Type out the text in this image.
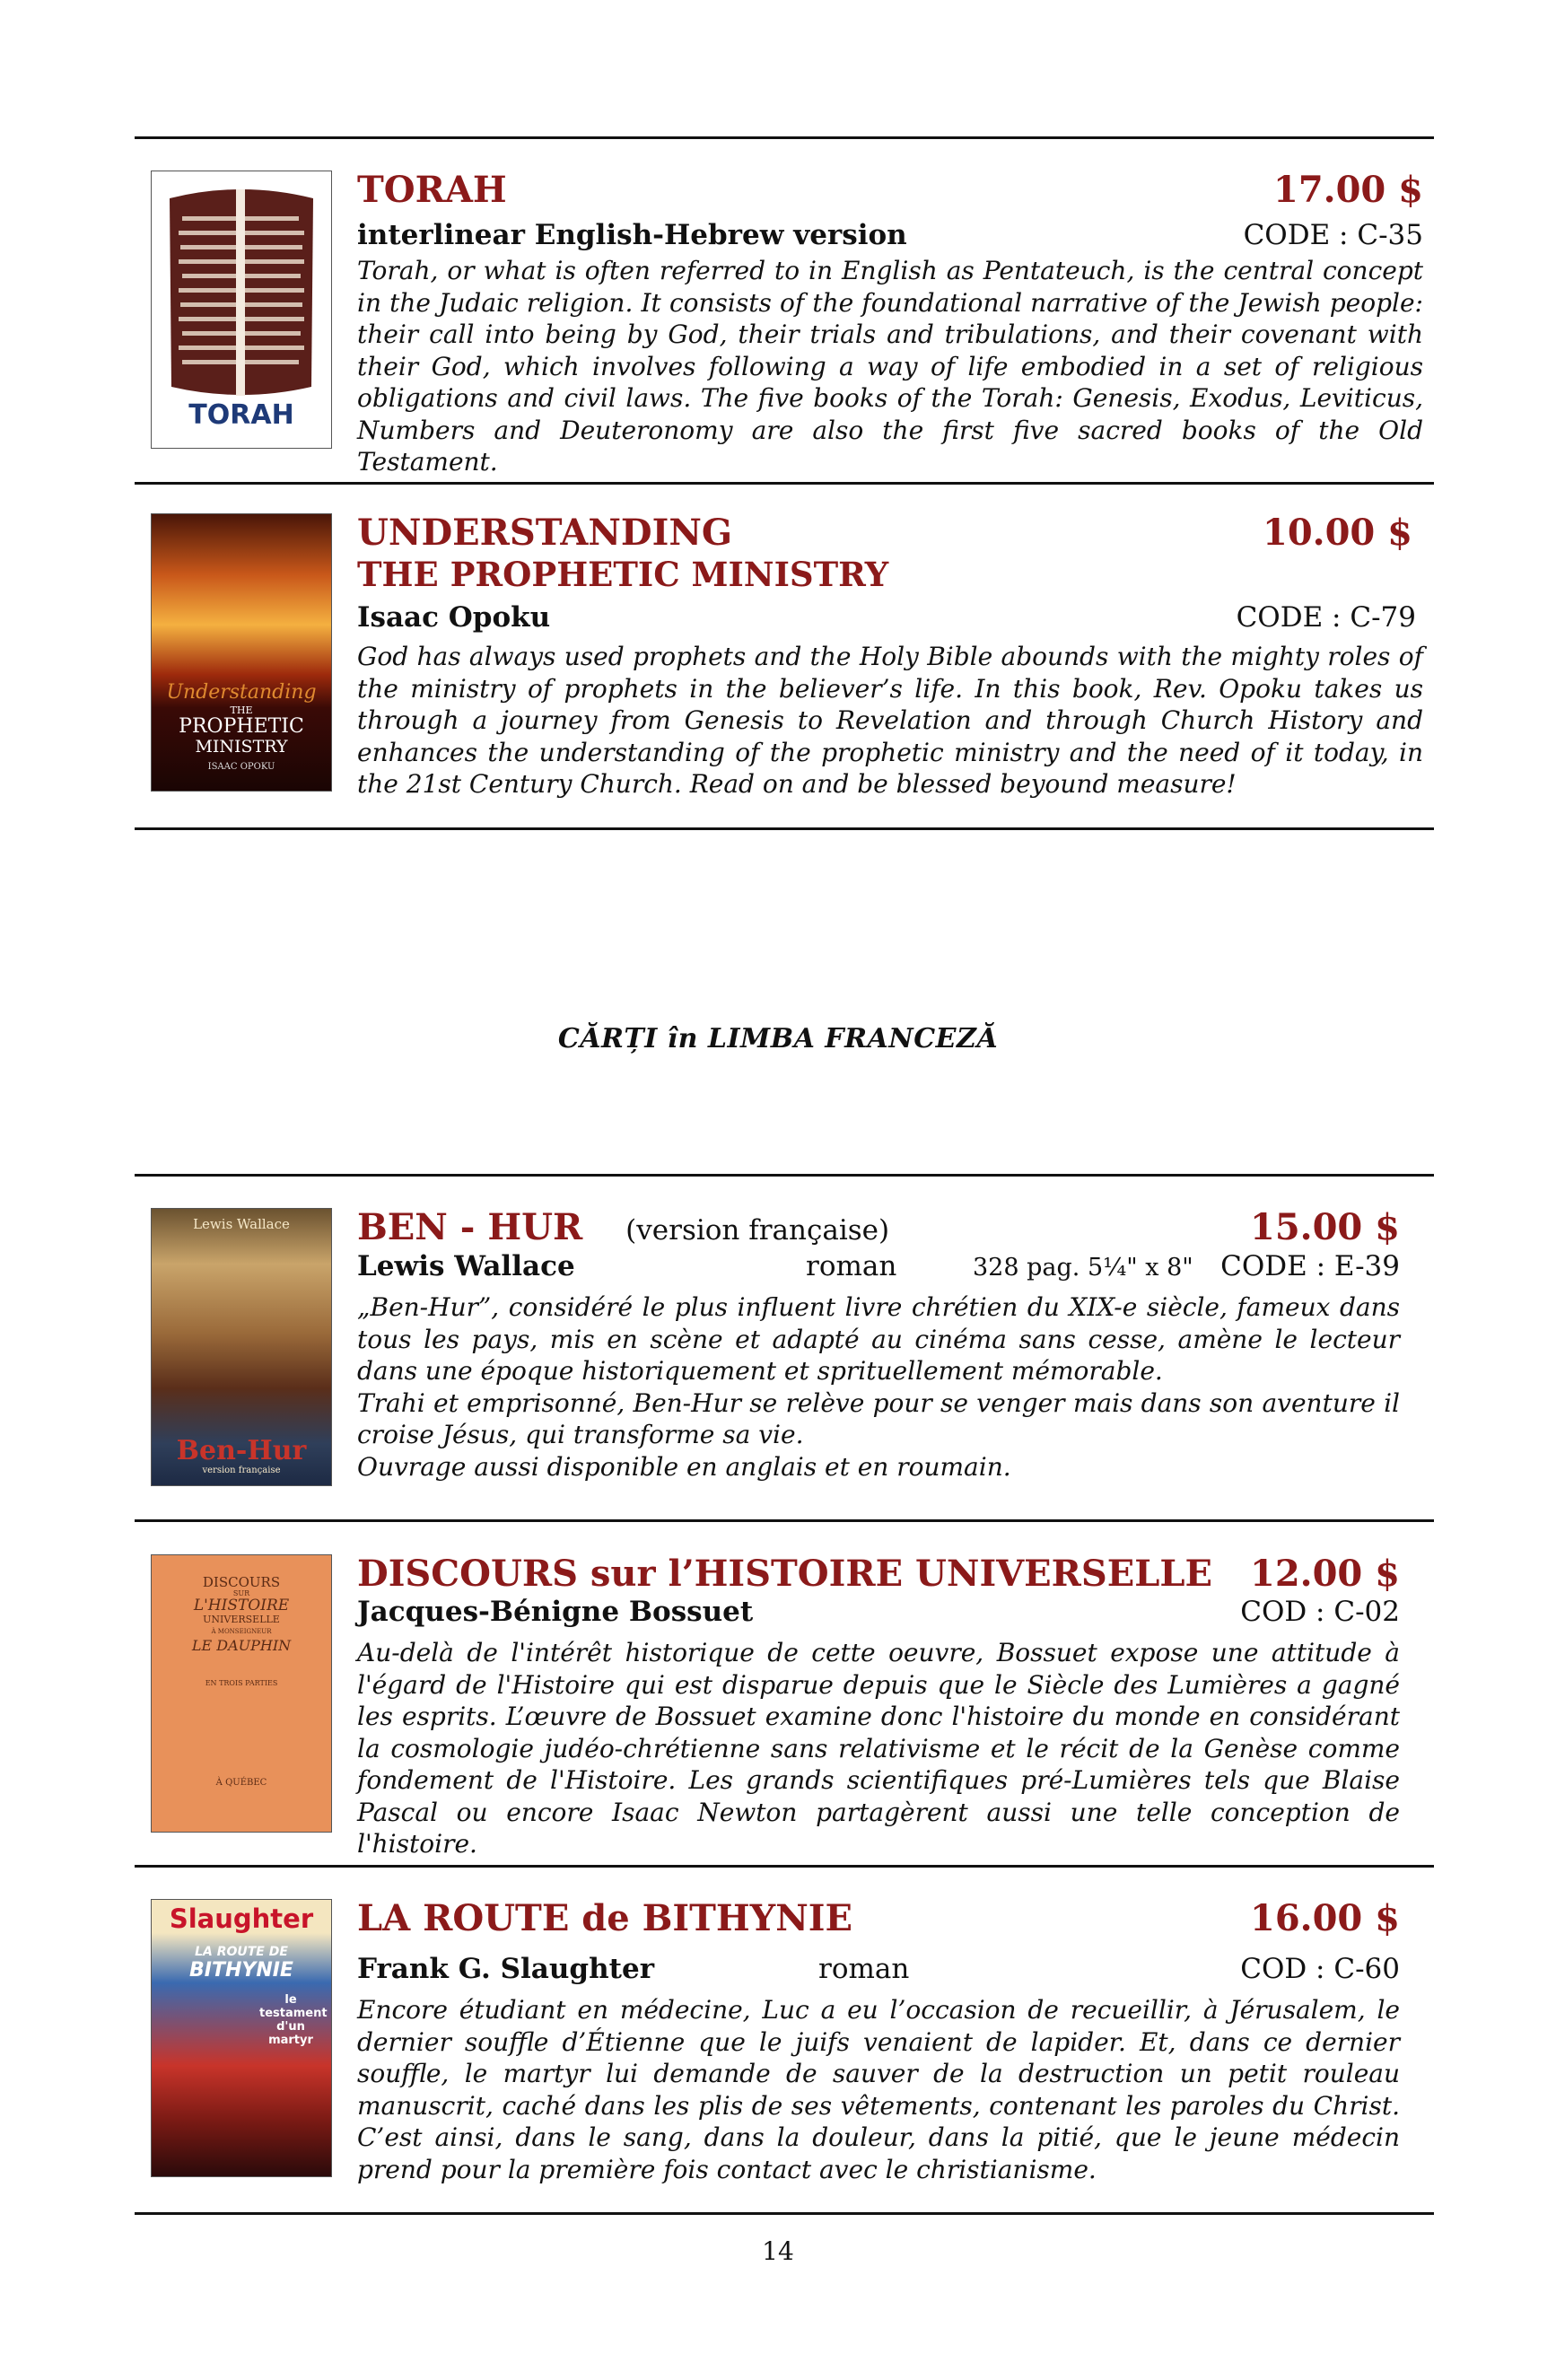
TORAH
TORAH	17.00 $
interlinear English-Hebrew version	CODE : C-35
Torah, or what is often referred to in English as Pentateuch, is the central concept in the Judaic religion. It consists of the foundational narrative of the Jewish people: their call into being by God, their trials and tribulations, and their covenant with their God, which involves following a way of life embodied in a set of religious obligations and civil laws. The five books of the Torah: Genesis, Exodus, Leviticus, Numbers and Deuteronomy are also the first five sacred books of the Old Testament.
Understanding
THE
PROPHETIC
MINISTRY
ISAAC OPOKU
UNDERSTANDING	10.00 $
THE PROPHETIC MINISTRY
Isaac Opoku	CODE : C-79
God has always used prophets and the Holy Bible abounds with the mighty roles of the ministry of prophets in the believer’s life. In this book, Rev. Opoku takes us through a journey from Genesis to Revelation and through Church History and enhances the understanding of the prophetic ministry and the need of it today, in the 21st Century Church. Read on and be blessed beyound measure!
CĂRȚI în LIMBA FRANCEZĂ
Lewis Wallace
Ben-Hur
version française
BEN - HUR (version française)	15.00 $
Lewis Wallace	roman	328 pag. 5¼" x 8" CODE : E-39

„Ben-Hur”, considéré le plus influent livre chrétien du XIX-e siècle, fameux dans tous les pays, mis en scène et adapté au cinéma sans cesse, amène le lecteur dans une époque historiquement et sprituellement mémorable.

Trahi et emprisonné, Ben-Hur se relève pour se venger mais dans son aventure il croise Jésus, qui transforme sa vie.

Ouvrage aussi disponible en anglais et en roumain.

DISCOURS
SUR
L'HISTOIRE
UNIVERSELLE
À MONSEIGNEUR
LE DAUPHIN
EN TROIS PARTIES
À QUÉBEC
DISCOURS sur l’HISTOIRE UNIVERSELLE	12.00 $
Jacques-Bénigne Bossuet	COD : C-02
Au-delà de l'intérêt historique de cette oeuvre, Bossuet expose une attitude à l'égard de l'Histoire qui est disparue depuis que le Siècle des Lumières a gagné les esprits. L’œuvre de Bossuet examine donc l'histoire du monde en considérant la cosmologie judéo-chrétienne sans relativisme et le récit de la Genèse comme fondement de l'Histoire. Les grands scientifiques pré-Lumières tels que Blaise Pascal ou encore Isaac Newton partagèrent aussi une telle conception de l'histoire.
Slaughter
LA ROUTE DE
BITHYNIE
le testament d'un martyr
LA ROUTE de BITHYNIE	16.00 $
Frank G. Slaughter	roman	COD : C-60
Encore étudiant en médecine, Luc a eu l’occasion de recueillir, à Jérusalem, le dernier souffle d’Étienne que le juifs venaient de lapider. Et, dans ce dernier souffle, le martyr lui demande de sauver de la destruction un petit rouleau manuscrit, caché dans les plis de ses vêtements, contenant les paroles du Christ. C’est ainsi, dans le sang, dans la douleur, dans la pitié, que le jeune médecin prend pour la première fois contact avec le christianisme.
14
